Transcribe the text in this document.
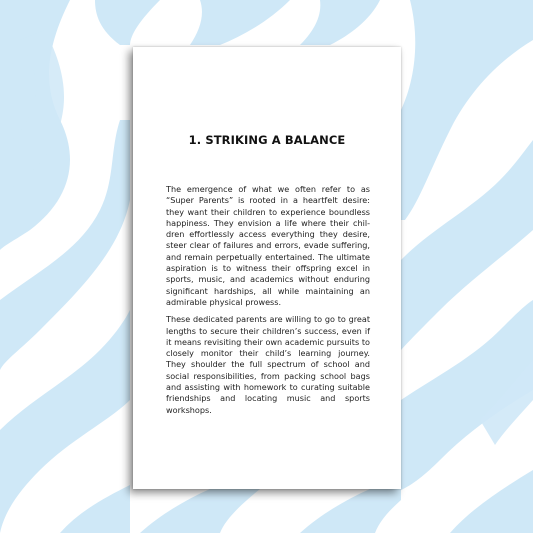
1. STRIKING A BALANCE

The emergence of what we often refer to as “Super Parents” is rooted in a heartfelt desire: they want their children to experience boundless happiness. They envision a life where their children effortlessly access everything they desire, steer clear of failures and errors, evade suffering, and remain perpetually entertained. The ultimate aspiration is to witness their offspring excel in sports, music, and academics without enduring significant hardships, all while maintaining an admirable physical prowess.

These dedicated parents are willing to go to great lengths to secure their children’s success, even if it means revisiting their own academic pursuits to closely monitor their child’s learning journey. They shoulder the full spectrum of school and social responsibilities, from packing school bags and assisting with homework to curating suitable friendships and locating music and sports workshops.
